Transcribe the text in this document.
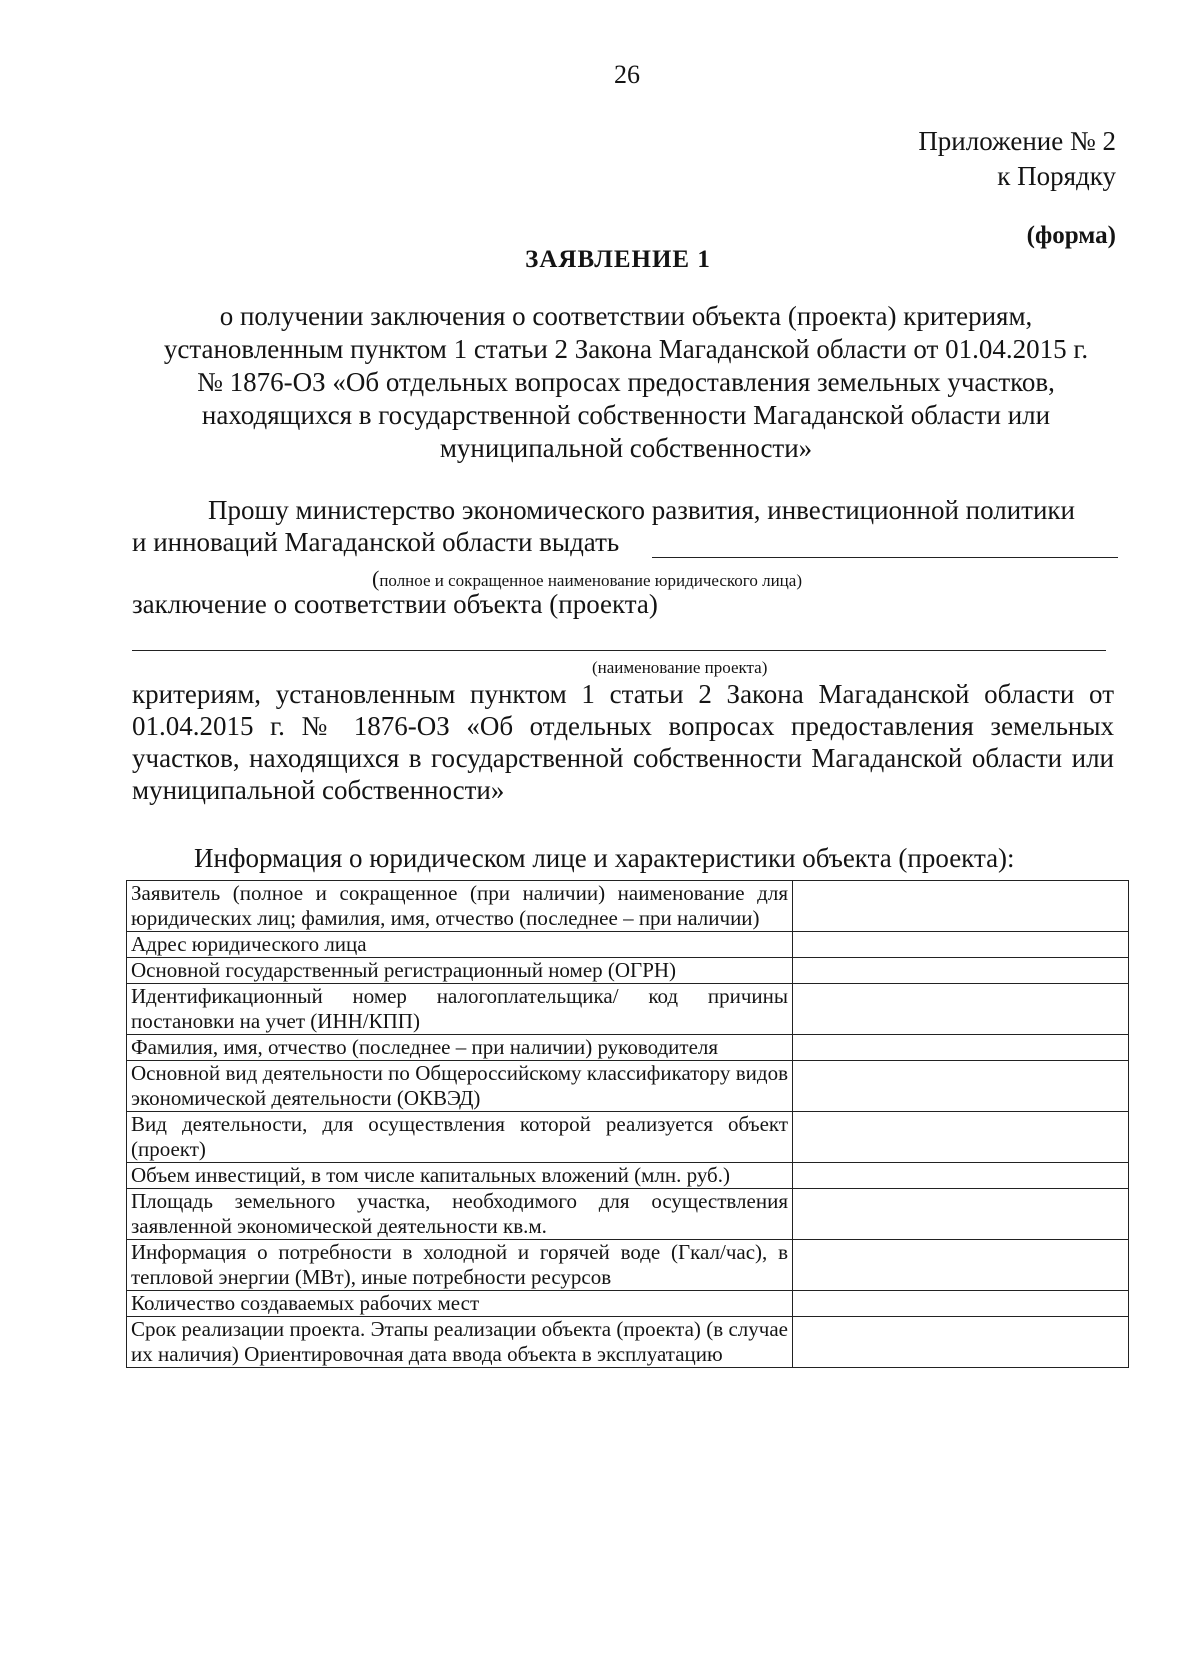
26
Приложение № 2
к Порядку
(форма)
ЗАЯВЛЕНИЕ 1
о получении заключения о соответствии объекта (проекта) критериям,
установленным пунктом 1 статьи 2 Закона Магаданской области от 01.04.2015 г.
№ 1876-ОЗ «Об отдельных вопросах предоставления земельных участков,
находящихся в государственной собственности Магаданской области или
муниципальной собственности»
Прошу министерство экономического развития, инвестиционной политики
и инноваций Магаданской области выдать
(полное и сокращенное наименование юридического лица)
заключение о соответствии объекта (проекта)
(наименование проекта)
критериям, установленным пунктом 1 статьи 2 Закона Магаданской области от 01.04.2015 г. № 1876-ОЗ «Об отдельных вопросах предоставления земельных участков, находящихся в государственной собственности Магаданской области или муниципальной собственности»
Информация о юридическом лице и характеристики объекта (проекта):
Заявитель (полное и сокращенное (при наличии) наименование для юридических лиц; фамилия, имя, отчество (последнее – при наличии)	
Адрес юридического лица	
Основной государственный регистрационный номер (ОГРН)	
Идентификационный номер налогоплательщика/ код причины постановки на учет (ИНН/КПП)	
Фамилия, имя, отчество (последнее – при наличии) руководителя	
Основной вид деятельности по Общероссийскому классификатору видов экономической деятельности (ОКВЭД)	
Вид деятельности, для осуществления которой реализуется объект (проект)	
Объем инвестиций, в том числе капитальных вложений (млн. руб.)	
Площадь земельного участка, необходимого для осуществления заявленной экономической деятельности кв.м.	
Информация о потребности в холодной и горячей воде (Гкал/час), в тепловой энергии (МВт), иные потребности ресурсов	
Количество создаваемых рабочих мест	
Срок реализации проекта. Этапы реализации объекта (проекта) (в случае их наличия) Ориентировочная дата ввода объекта в эксплуатацию	
